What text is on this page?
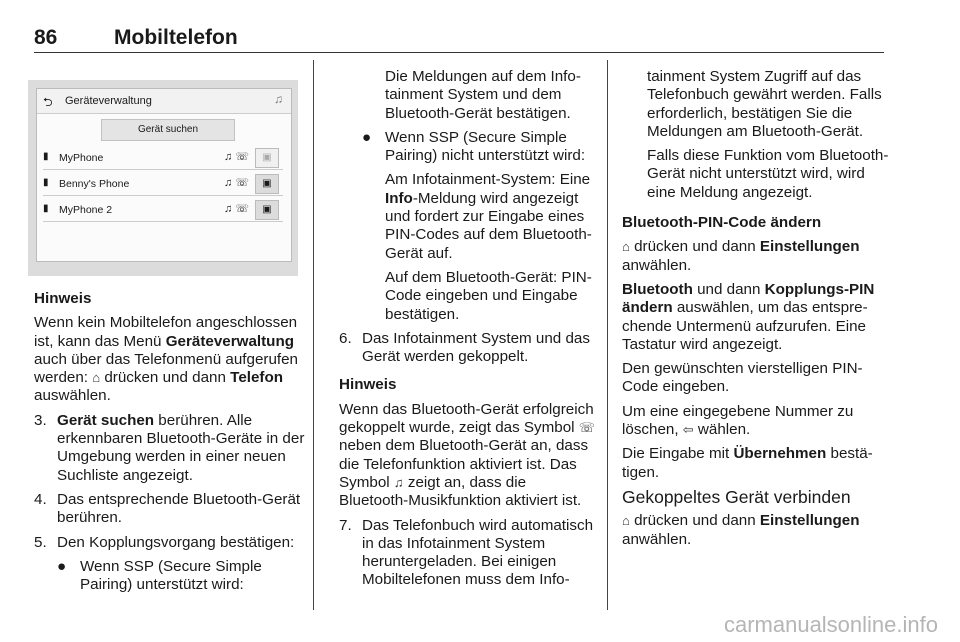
86	Mobiltelefon
⮌ Geräteverwaltung	♫
Gerät suchen
▮ MyPhone	♫ ☏	▣
▮ Benny's Phone	♫ ☏	▣
▮ MyPhone 2	♫ ☏	▣

Hinweis

Wenn kein Mobiltelefon angeschlossen ist, kann das Menü Geräteverwaltung auch über das Telefonmenü aufgerufen werden: ⌂ drücken und dann Telefon auswählen.

3. Gerät suchen berühren. Alle erkennbaren Bluetooth-Geräte in der Umgebung werden in einer neuen Suchliste angezeigt.

4. Das entsprechende Bluetooth-Gerät berühren.

5. Den Kopplungsvorgang bestätigen:

● Wenn SSP (Secure Simple Pairing) unterstützt wird:

Die Meldungen auf dem Infotainment System und dem Bluetooth-Gerät bestätigen.

● Wenn SSP (Secure Simple Pairing) nicht unterstützt wird:

Am Infotainment-System: Eine Info-Meldung wird angezeigt und fordert zur Eingabe eines PIN-Codes auf dem Bluetooth-Gerät auf.

Auf dem Bluetooth-Gerät: PIN-Code eingeben und Eingabe bestätigen.

6. Das Infotainment System und das Gerät werden gekoppelt.

Hinweis

Wenn das Bluetooth-Gerät erfolgreich gekoppelt wurde, zeigt das Symbol ☏ neben dem Bluetooth-Gerät an, dass die Telefonfunktion aktiviert ist. Das Symbol ♫ zeigt an, dass die Bluetooth-Musikfunktion aktiviert ist.

7. Das Telefonbuch wird automatisch in das Infotainment System heruntergeladen. Bei einigen Mobiltelefonen muss dem Info-

tainment System Zugriff auf das Telefonbuch gewährt werden. Falls erforderlich, bestätigen Sie die Meldungen am Bluetooth-Gerät.

Falls diese Funktion vom Bluetooth-Gerät nicht unterstützt wird, wird eine Meldung angezeigt.

Bluetooth-PIN-Code ändern

⌂ drücken und dann Einstellungen anwählen.

Bluetooth und dann Kopplungs-PIN ändern auswählen, um das entsprechende Untermenü aufzurufen. Eine Tastatur wird angezeigt.

Den gewünschten vierstelligen PIN-Code eingeben.

Um eine eingegebene Nummer zu löschen, ⇦ wählen.

Die Eingabe mit Übernehmen bestätigen.

Gekoppeltes Gerät verbinden

⌂ drücken und dann Einstellungen anwählen.

carmanualsonline.info
